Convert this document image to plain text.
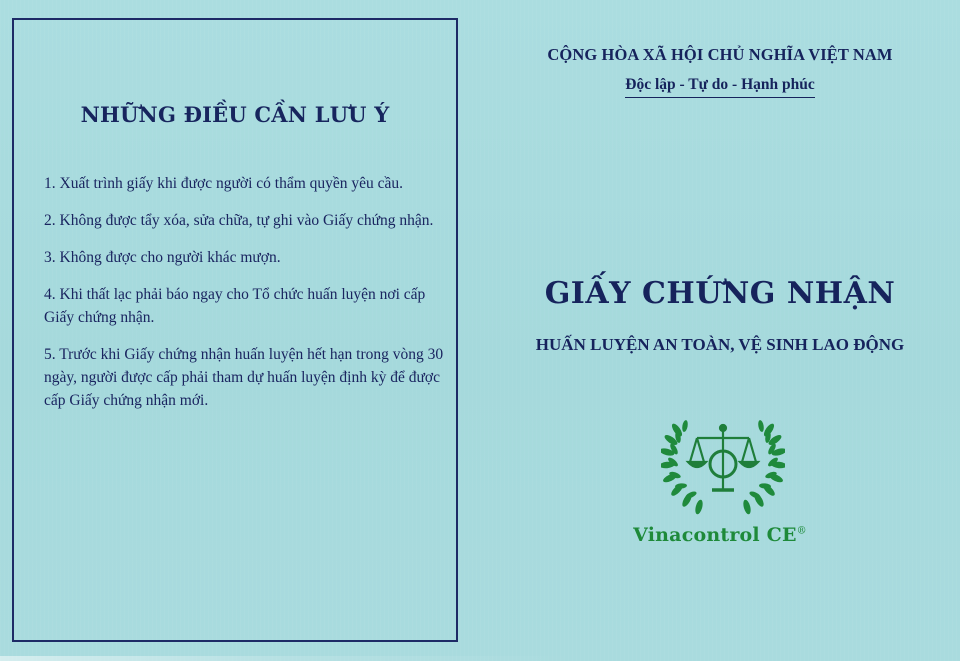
NHỮNG ĐIỀU CẦN LƯU Ý
1. Xuất trình giấy khi được người có thẩm quyền yêu cầu.
2. Không được tẩy xóa, sửa chữa, tự ghi vào Giấy chứng nhận.
3. Không được cho người khác mượn.
4. Khi thất lạc phải báo ngay cho Tổ chức huấn luyện nơi cấp Giấy chứng nhận.
5. Trước khi Giấy chứng nhận huấn luyện hết hạn trong vòng 30 ngày, người được cấp phải tham dự huấn luyện định kỳ để được cấp Giấy chứng nhận mới.
CỘNG HÒA XÃ HỘI CHỦ NGHĨA VIỆT NAM
Độc lập - Tự do - Hạnh phúc
GIẤY CHỨNG NHẬN
HUẤN LUYỆN AN TOÀN, VỆ SINH LAO ĐỘNG
Vinacontrol CE®
